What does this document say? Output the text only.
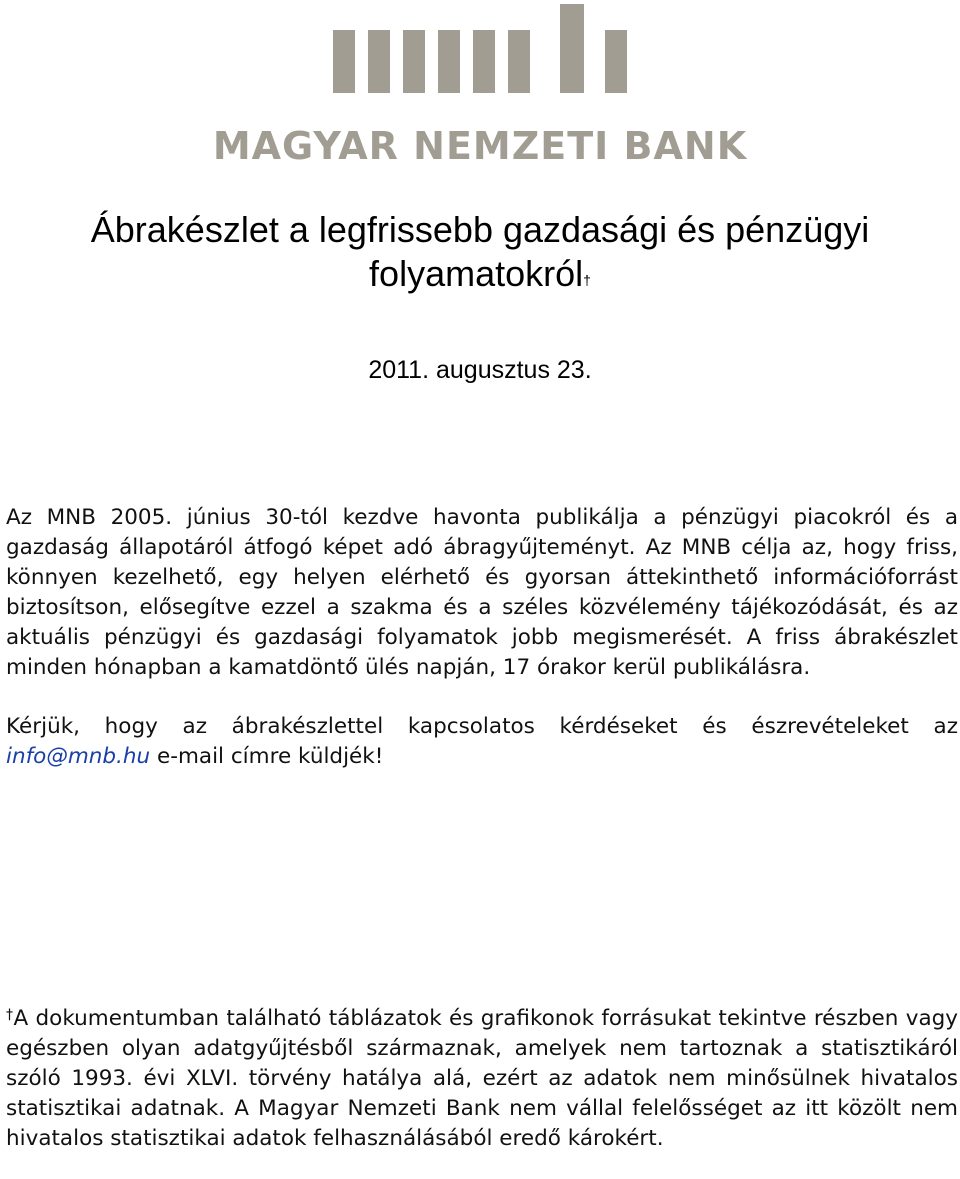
MAGYAR NEMZETI BANK
Ábrakészlet a legfrissebb gazdasági és pénzügyi
folyamatokról†
2011. augusztus 23.

Az MNB 2005. június 30-tól kezdve havonta publikálja a pénzügyi piacokról és a gazdaság állapotáról átfogó képet adó ábragyűjteményt. Az MNB célja az, hogy friss, könnyen kezelhető, egy helyen elérhető és gyorsan áttekinthető információforrást biztosítson, elősegítve ezzel a szakma és a széles közvélemény tájékozódását, és az aktuális pénzügyi és gazdasági folyamatok jobb megismerését. A friss ábrakészlet minden hónapban a kamatdöntő ülés napján, 17 órakor kerül publikálásra.

Kérjük, hogy az ábrakészlettel kapcsolatos kérdéseket és észrevételeket az info@mnb.hu e-mail címre küldjék!

†A dokumentumban található táblázatok és grafikonok forrásukat tekintve részben vagy egészben olyan adatgyűjtésből származnak, amelyek nem tartoznak a statisztikáról szóló 1993. évi XLVI. törvény hatálya alá, ezért az adatok nem minősülnek hivatalos statisztikai adatnak. A Magyar Nemzeti Bank nem vállal felelősséget az itt közölt nem hivatalos statisztikai adatok felhasználásából eredő károkért.
